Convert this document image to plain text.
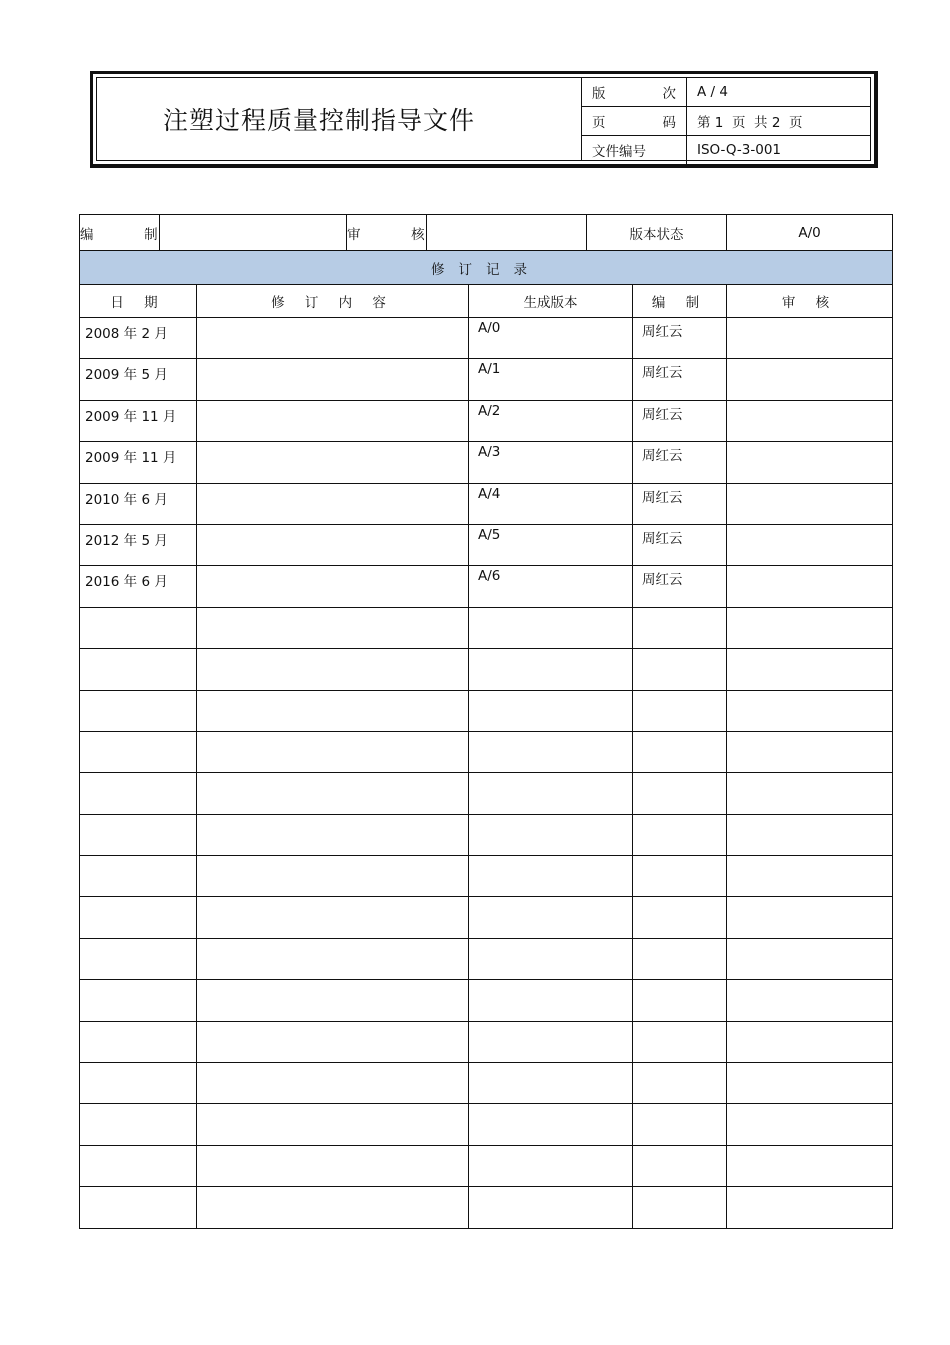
注塑过程质量控制指导文件
版 次	A / 4

页 码	第 1  页  共 2  页
文件编号	ISO-Q-3-001
编  制			审  核			版本状态		A/0
修订记录								
日 期		修 订 内 容			生成版本		编 制	审 核
2008 年 2 月					A/0		周红云	
2009 年 5 月					A/1		周红云	
2009 年 11 月					A/2		周红云	
2009 年 11 月					A/3		周红云	
2010 年 6 月					A/4		周红云	
2012 年 5 月					A/5		周红云	
2016 年 6 月					A/6		周红云	
